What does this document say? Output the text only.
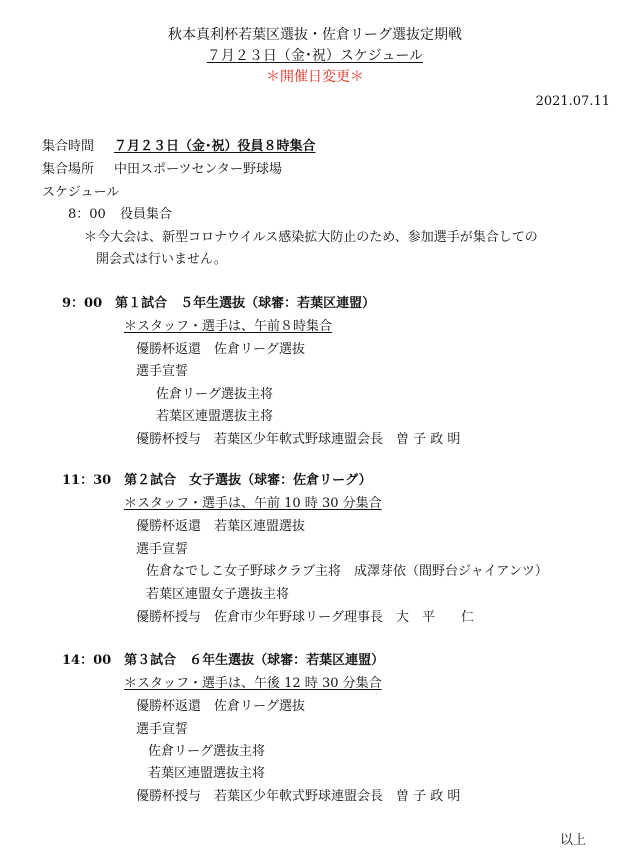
秋本真利杯若葉区選抜・佐倉リーグ選抜定期戦
７月２３日（金･祝）スケジュール
＊開催日変更＊
2021.07.11
集合時間 ７月２３日（金･祝）役員８時集合
集合場所 中田スポーツセンター野球場
スケジュール
8：00 役員集合
＊今大会は、新型コロナウイルス感染拡大防止のため、参加選手が集合しての
開会式は行いません。
9：00　第１試合　５年生選抜（球審：若葉区連盟）
＊スタッフ・選手は、午前８時集合
優勝杯返還　佐倉リーグ選抜
選手宣誓
佐倉リーグ選抜主将
若葉区連盟選抜主将
優勝杯授与　若葉区少年軟式野球連盟会長　曽 子 政 明
11：30　第２試合　女子選抜（球審：佐倉リーグ）
＊スタッフ・選手は、午前 10 時 30 分集合
優勝杯返還　若葉区連盟選抜
選手宣誓
佐倉なでしこ女子野球クラブ主将　成澤芽依（間野台ジャイアンツ）
若葉区連盟女子選抜主将
優勝杯授与　佐倉市少年野球リーグ理事長　大　平　　仁
14：00　第３試合　６年生選抜（球審：若葉区連盟）
＊スタッフ・選手は、午後 12 時 30 分集合
優勝杯返還　佐倉リーグ選抜
選手宣誓
佐倉リーグ選抜主将
若葉区連盟選抜主将
優勝杯授与　若葉区少年軟式野球連盟会長　曽 子 政 明
以上
